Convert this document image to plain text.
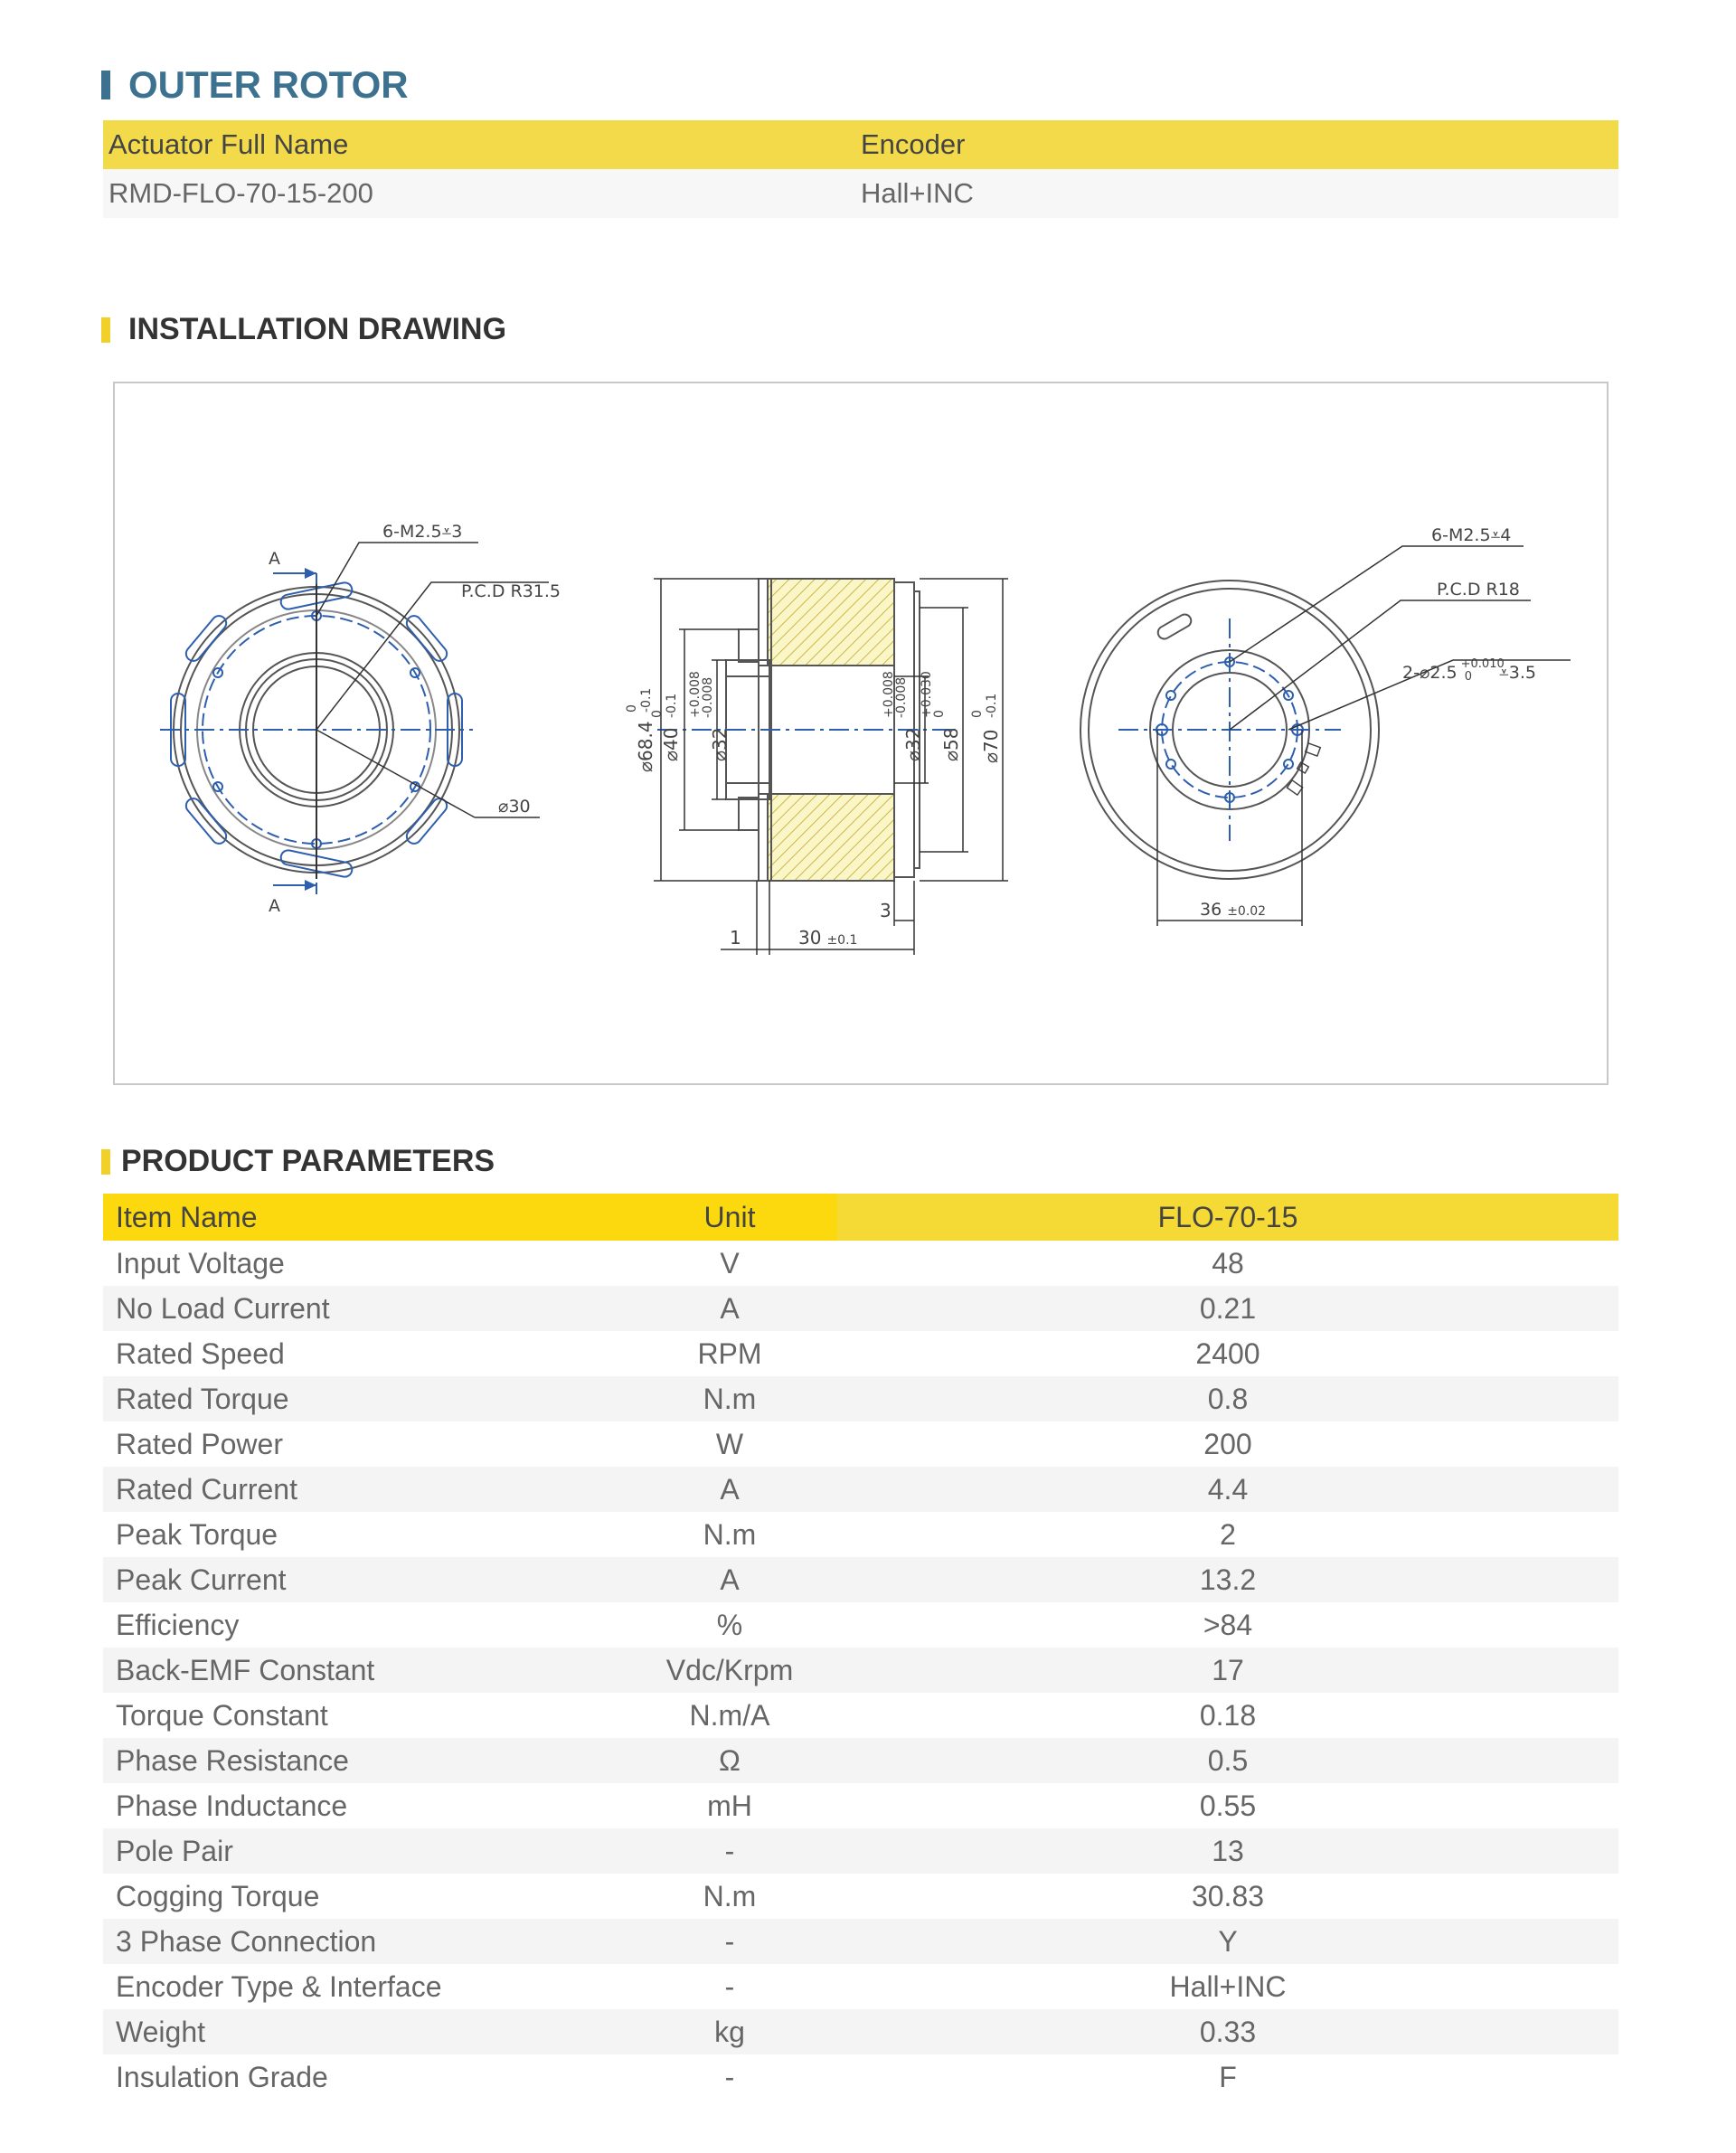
OUTER ROTOR
Actuator Full Name	Encoder
RMD-FLO-70-15-200	Hall+INC
INSTALLATION DRAWING
A
A
6-M2.5⩡3
P.C.D R31.5
⌀30
⌀68.4
0 -0.1
⌀40
0 -0.1
⌀32
+0.008
-0.008
⌀32
+0.008
-0.008
⌀58
+0.030
0
⌀70
0 -0.1
1	30 ±0.1
3
6-M2.5⩡4
P.C.D R18
2-⌀2.5 $^{+0.010}$ 0 ⩡3.5
36 ±0.02
PRODUCT PARAMETERS
Item Name	Unit	FLO-70-15
Input Voltage	V	48
No Load Current	A	0.21
Rated Speed	RPM	2400
Rated Torque	N.m	0.8
Rated Power	W	200
Rated Current	A	4.4
Peak Torque	N.m	2
Peak Current	A	13.2
Efficiency	%	>84
Back-EMF Constant	Vdc/Krpm	17
Torque Constant	N.m/A	0.18
Phase Resistance	Ω	0.5
Phase Inductance	mH	0.55
Pole Pair	-	13
Cogging Torque	N.m	30.83
3 Phase Connection	-	Y
Encoder Type & Interface	-	Hall+INC
Weight	kg	0.33
Insulation Grade	-	F
